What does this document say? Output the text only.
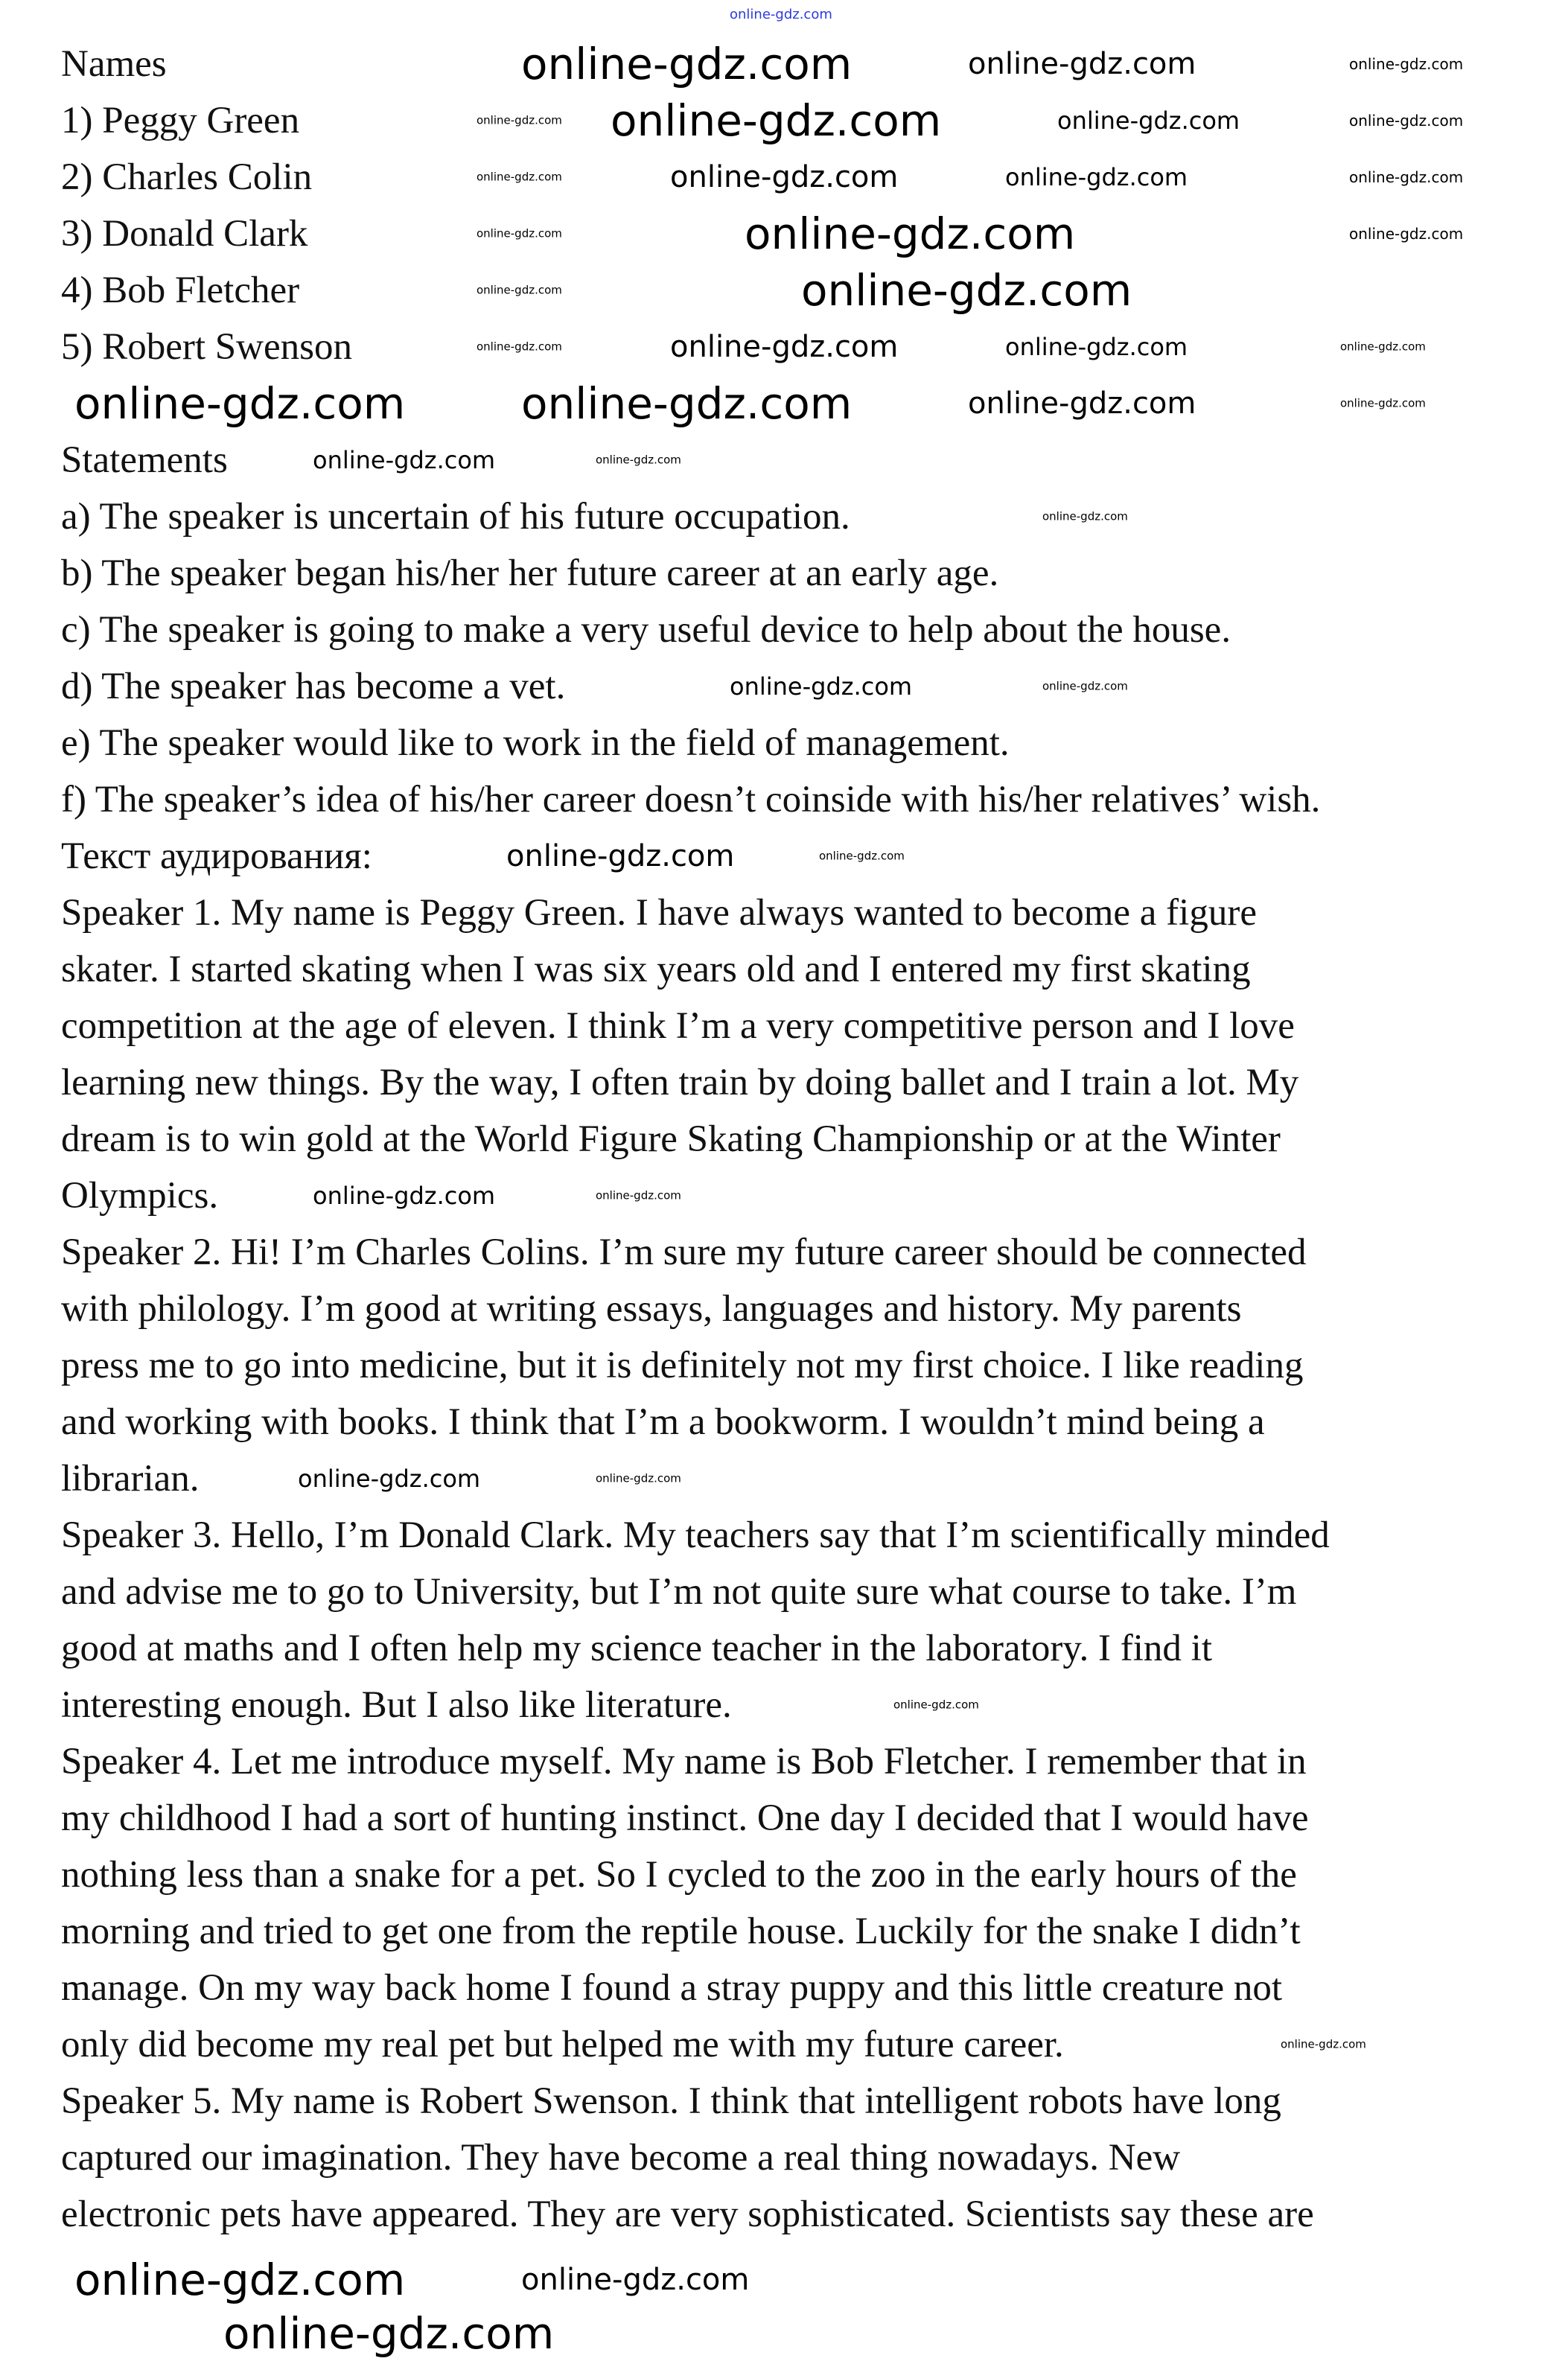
Names
1) Peggy Green
2) Charles Colin
3) Donald Clark
4) Bob Fletcher
5) Robert Swenson
Statements
a) The speaker is uncertain of his future occupation.
b) The speaker began his/her her future career at an early age.
c) The speaker is going to make a very useful device to help about the house.
d) The speaker has become a vet.
e) The speaker would like to work in the field of management.
f) The speaker’s idea of his/her career doesn’t coinside with his/her relatives’ wish.
Текст аудирования:
Speaker 1. My name is Peggy Green. I have always wanted to become a figure
skater. I started skating when I was six years old and I entered my first skating
competition at the age of eleven. I think I’m a very competitive person and I love
learning new things. By the way, I often train by doing ballet and I train a lot. My
dream is to win gold at the World Figure Skating Championship or at the Winter
Olympics.
Speaker 2. Hi! I’m Charles Colins. I’m sure my future career should be connected
with philology. I’m good at writing essays, languages and history. My parents
press me to go into medicine, but it is definitely not my first choice. I like reading
and working with books. I think that I’m a bookworm. I wouldn’t mind being a
librarian.
Speaker 3. Hello, I’m Donald Clark. My teachers say that I’m scientifically minded
and advise me to go to University, but I’m not quite sure what course to take. I’m
good at maths and I often help my science teacher in the laboratory. I find it
interesting enough. But I also like literature.
Speaker 4. Let me introduce myself. My name is Bob Fletcher. I remember that in
my childhood I had a sort of hunting instinct. One day I decided that I would have
nothing less than a snake for a pet. So I cycled to the zoo in the early hours of the
morning and tried to get one from the reptile house. Luckily for the snake I didn’t
manage. On my way back home I found a stray puppy and this little creature not
only did become my real pet but helped me with my future career.
Speaker 5. My name is Robert Swenson. I think that intelligent robots have long
captured our imagination. They have become a real thing nowadays. New
electronic pets have appeared. They are very sophisticated. Scientists say these are
online-gdz.com
online-gdz.com	online-gdz.com	online-gdz.com
online-gdz.com online-gdz.com	online-gdz.com	online-gdz.com
online-gdz.com	online-gdz.com	online-gdz.com	online-gdz.com
online-gdz.com	online-gdz.com	online-gdz.com
online-gdz.com	online-gdz.com
online-gdz.com	online-gdz.com	online-gdz.com	online-gdz.com
online-gdz.com	online-gdz.com	online-gdz.com	online-gdz.com
online-gdz.com	online-gdz.com
online-gdz.com
online-gdz.com	online-gdz.com
online-gdz.com	online-gdz.com
online-gdz.com	online-gdz.com
online-gdz.com	online-gdz.com
online-gdz.com
online-gdz.com
online-gdz.com	online-gdz.com
online-gdz.com
